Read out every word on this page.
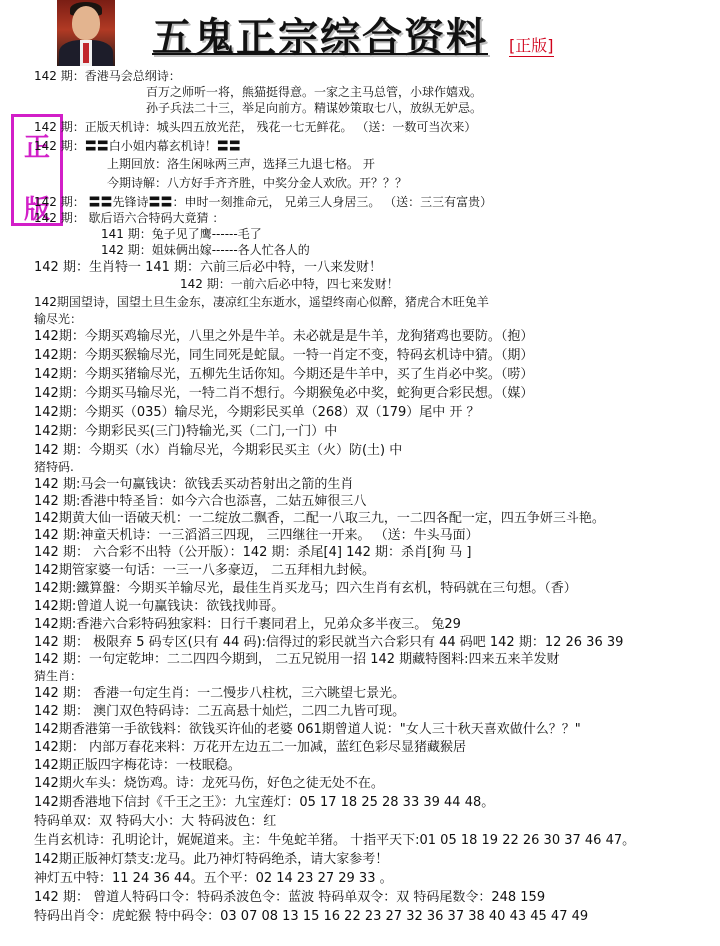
五鬼正宗综合资料 [正版]
正
版
142 期：香港马会总纲诗：
百万之师听一将，熊猫挺得意。一家之主马总管，小球作嬉戏。
孙子兵法二十三，举足向前方。精谋妙策取七八，放纵无妒忌。
142 期：正版天机诗：城头四五放光茫， 残花一七无鲜花。 （送：一数可当次来）
142 期：〓〓白小姐内幕玄机诗！〓〓
上期回放：洛生闲咏两三声，选择三九退七格。 开
今期诗解：八方好手齐齐胜，中奖分金人欢欣。开？？？
142 期： 〓〓先锋诗〓〓：申时一刻推命元， 兄弟三人身居三。 （送：三三有富贵）
142 期： 歇后语六合特码大竟猜 ：
141 期：兔子见了鹰------毛了
142 期：姐妹俩出嫁------各人忙各人的
142 期：生肖特一 141 期：六前三后必中特，一八来发财！
142 期：一前六后必中特，四七来发财！
142期国望诗，国望土旦生金东，凄凉红尘东逝水，遥望终南心似醉，猪虎合木旺兔羊
输尽光：
142期：今期买鸡输尽光，八里之外是牛羊。未必就是是牛羊，龙狗猪鸡也要防。（抱）
142期：今期买猴输尽光，同生同死是蛇鼠。一特一肖定不变，特码玄机诗中猜。（期）
142期：今期买猪输尽光，五柳先生话你知。今期还是牛羊中，买了生肖必中奖。（唠）
142期：今期买马输尽光，一特二肖不想行。今期猴兔必中奖，蛇狗更合彩民想。（媒）
142期：今期买（035）输尽光，今期彩民买单（268）双（179）尾中 开 ？
142期：今期彩民买(三门)特输光,买（二门,一门）中
142 期：今期买（水）肖输尽光，今期彩民买主（火）防(土) 中
猪特码.
142 期:马会一句赢钱诀：欲钱丢买动苔射出之箭的生肖
142 期:香港中特圣旨：如今六合也添喜，二姑五婶很三八
142期黄大仙一语破天机：一二绽放二飘香，二配一八取三九，一二四各配一定，四五争妍三斗艳。
142 期:神童天机诗：一三滔滔三四现， 三四继往一开来。 （送：牛头马面）
142 期： 六合彩不出特（公开版）：142 期：杀尾[4] 142 期：杀肖[狗 马 ]
142期管家婆一句话：一三一八多豪迈， 二五拜相九封候。
142期:鐵算盤：今期买羊输尽光，最佳生肖买龙马；四六生肖有玄机，特码就在三句想。（香）
142期:曾道人说一句赢钱诀：欲钱找帅哥。
142期:香港六合彩特码独家料：日行千裹同君上，兄弟众多半夜三。 兔29
142 期： 极限弃 5 码专区(只有 44 码):信得过的彩民就当六合彩只有 44 码吧 142 期：12 26 36 39
142 期：一句定乾坤：二二四四今期到， 二五兄锐用一招 142 期藏特图料:四来五来羊发财
猜生肖：
142 期： 香港一句定生肖：一二慢步八柱枕，三六眺望七景光。
142 期： 澳门双色特码诗：二五高悬十灿烂，二四二九皆可现。
142期香港第一手欲钱料：欲钱买许仙的老婆 061期曾道人说："女人三十秋天喜欢做什么？？"
142期： 内部万春花来料：万花开左边五二一加减，蓝红色彩尽显猪藏猴居
142期正版四字梅花诗：一枝眠稳。
142期火车头：烧饬鸡。诗：龙死马伤，好色之徒无处不在。
142期香港地下信封《千王之王》：九宝莲灯：05 17 18 25 28 33 39 44 48。
特码单双：双 特码大小：大 特码波色：红
生肖玄机诗：孔明论计，娓娓道来。主：牛兔蛇羊猪。 十指平天下:01 05 18 19 22 26 30 37 46 47。
142期正版神灯禁支:龙马。此乃神灯特码绝杀，请大家参考！
神灯五中特：11 24 36 44。五个平：02 14 23 27 29 33 。
142 期： 曾道人特码口令：特码杀波色令：蓝波 特码单双令：双 特码尾数令：248 159
特码出肖令：虎蛇猴 特中码令：03 07 08 13 15 16 22 23 27 32 36 37 38 40 43 45 47 49
